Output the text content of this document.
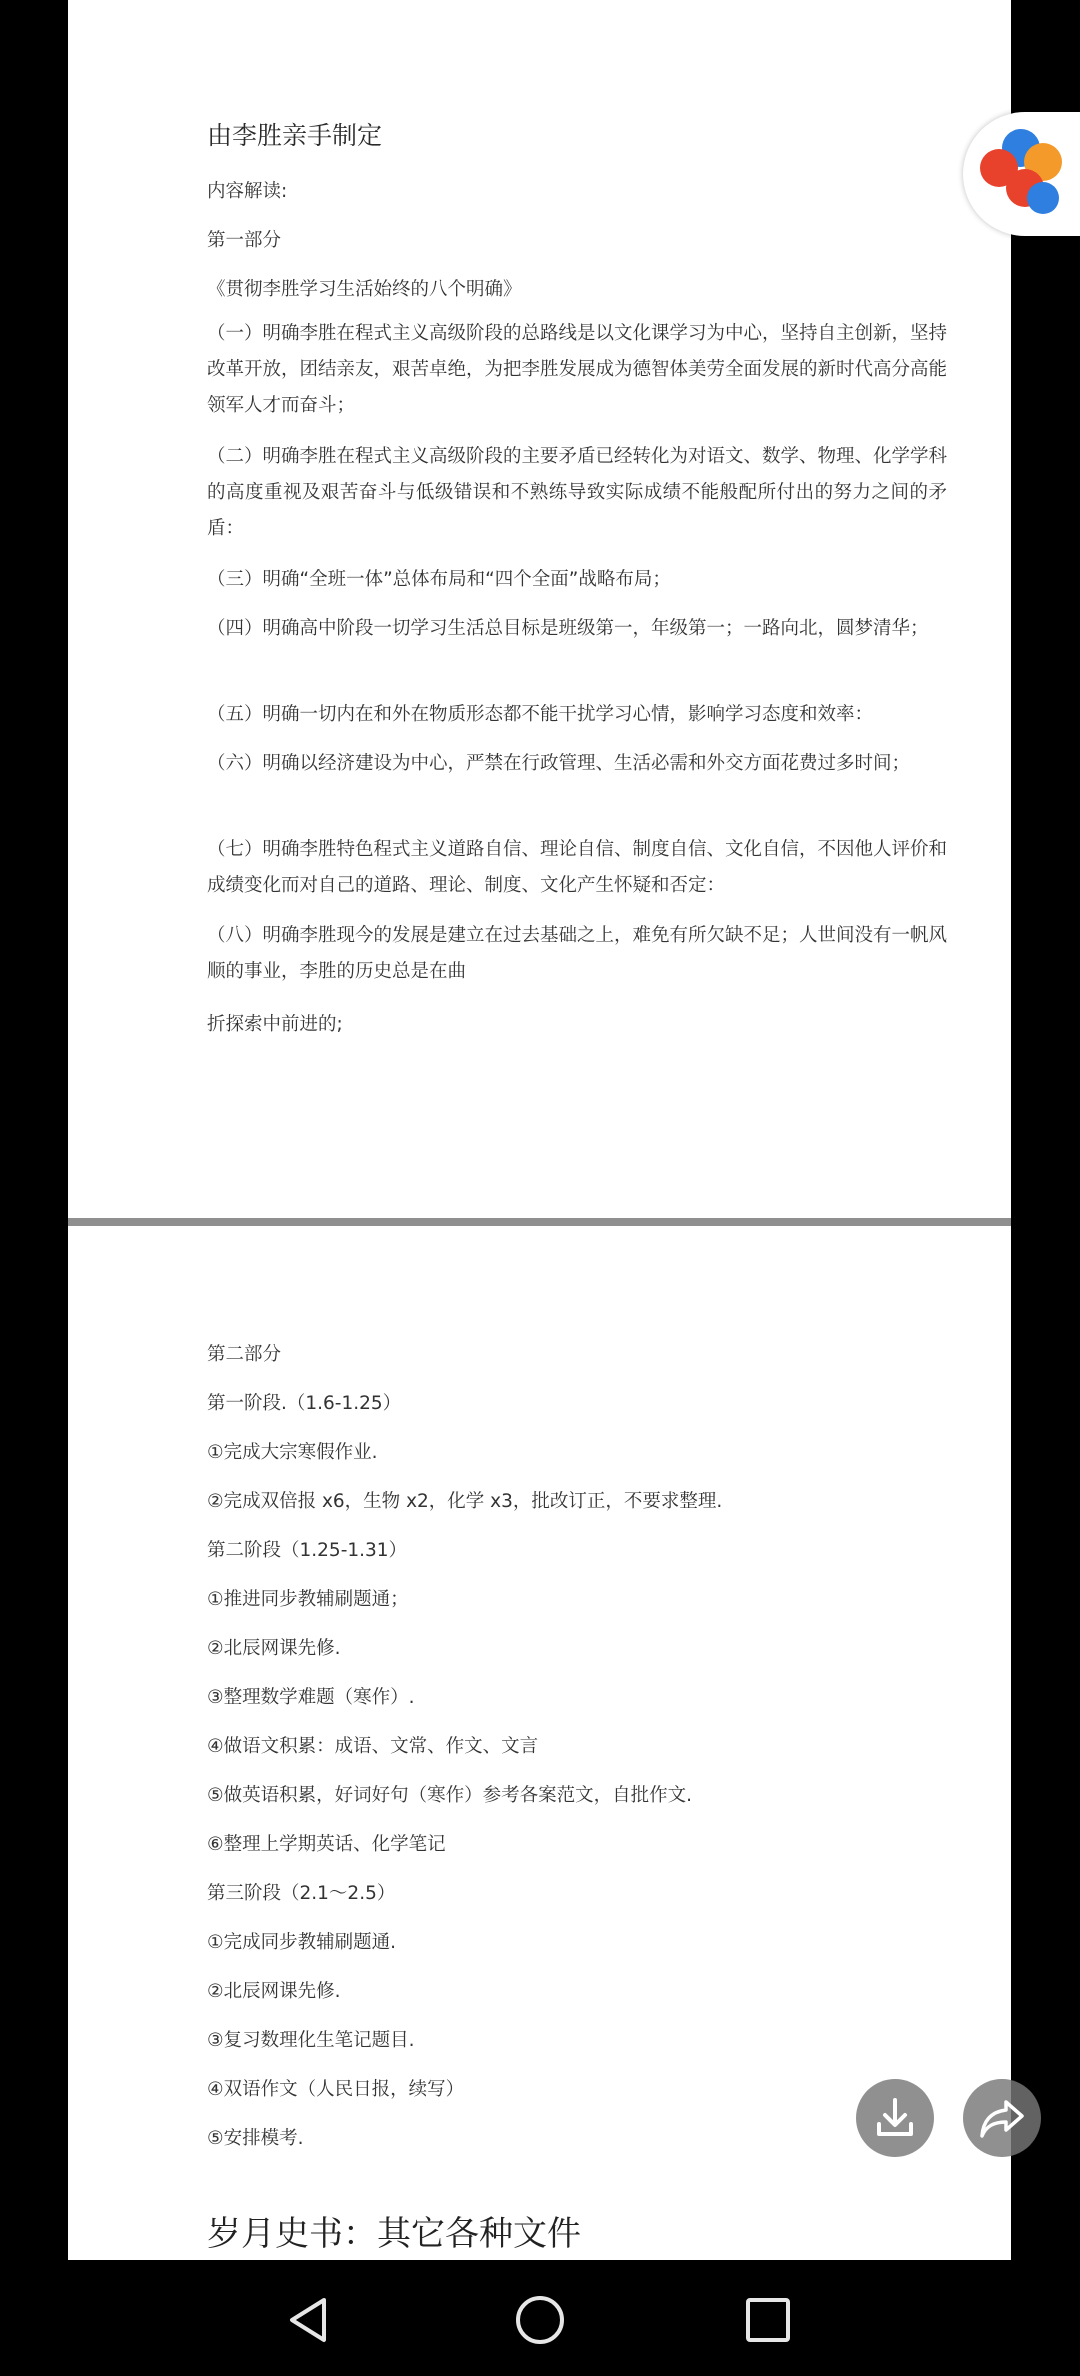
由李胜亲手制定
内容解读:
第一部分
《贯彻李胜学习生活始终的八个明确》
（一）明确李胜在程式主义高级阶段的总路线是以文化课学习为中心，坚持自主创新，坚持改革开放，团结亲友，艰苦卓绝，为把李胜发展成为德智体美劳全面发展的新时代高分高能领军人才而奋斗；
（二）明确李胜在程式主义高级阶段的主要矛盾已经转化为对语文、数学、物理、化学学科的高度重视及艰苦奋斗与低级错误和不熟练导致实际成绩不能般配所付出的努力之间的矛盾：
（三）明确“全班一体”总体布局和“四个全面”战略布局；
（四）明确高中阶段一切学习生活总目标是班级第一，年级第一；一路向北，圆梦清华；
（五）明确一切内在和外在物质形态都不能干扰学习心情，影响学习态度和效率：
（六）明确以经济建设为中心，严禁在行政管理、生活必需和外交方面花费过多时间；
（七）明确李胜特色程式主义道路自信、理论自信、制度自信、文化自信，不因他人评价和成绩变化而对自己的道路、理论、制度、文化产生怀疑和否定：
（八）明确李胜现今的发展是建立在过去基础之上，难免有所欠缺不足；人世间没有一帆风顺的事业，李胜的历史总是在曲
折探索中前进的;
第二部分
第一阶段.（1.6-1.25）
①完成大宗寒假作业.
②完成双倍报 x6，生物 x2，化学 x3，批改订正，不要求整理.
第二阶段（1.25-1.31）
①推进同步教辅刷题通；
②北辰网课先修.
③整理数学难题（寒作）.
④做语文积累：成语、文常、作文、文言
⑤做英语积累，好词好句（寒作）参考各案范文，自批作文.
⑥整理上学期英话、化学笔记
第三阶段（2.1～2.5）
①完成同步教辅刷题通.
②北辰网课先修.
③复习数理化生笔记题目.
④双语作文（人民日报，续写）
⑤安排模考.
岁月史书：其它各种文件
